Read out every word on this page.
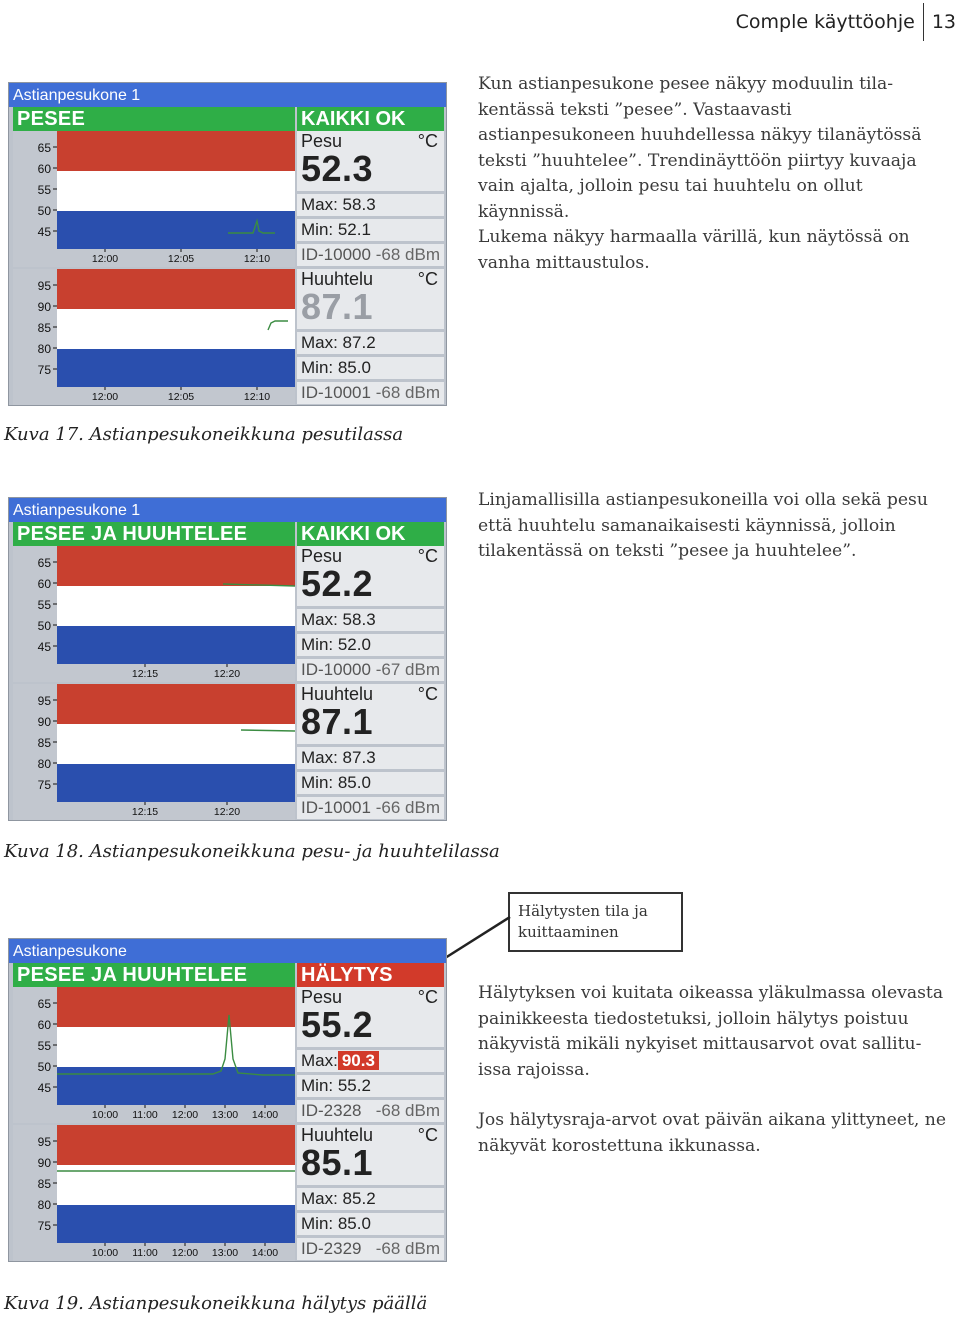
Comple käyttöohje 13

Kun astianpesukone pesee näkyy moduulin tila-kentässä teksti ”pesee”. Vastaavasti astianpesukoneen huuhdellessa näkyy tilanäytössä teksti ”huuhtelee”. Trendinäyttöön piirtyy kuvaaja vain ajalta, jolloin pesu tai huuhtelu on ollut käynnissä.

Lukema näkyy harmaalla värillä, kun näytössä on vanha mittaustulos.

Linjamallisilla astianpesukoneilla voi olla sekä pesu että huuhtelu samanaikaisesti käynnissä, jolloin tilakentässä on teksti ”pesee ja huuhtelee”.

Hälytyksen voi kuitata oikeassa yläkulmassa olevasta painikkeesta tiedostetuksi, jolloin hälytys poistuu näkyvistä mikäli nykyiset mittausarvot ovat sallitu-issa rajoissa.

Jos hälytysraja-arvot ovat päivän aikana ylittyneet, ne näkyvät korostettuna ikkunassa.

Kuva 17. Astianpesukoneikkuna pesutilassa
Kuva 18. Astianpesukoneikkuna pesu- ja huuhtelilassa
Kuva 19. Astianpesukoneikkuna hälytys päällä
Hälytysten tila ja kuittaaminen
Astianpesukone 1
PESEE	KAIKKI OK
65
60
55
50
45
12:00	12:05	12:10
95
90
85
80
75
12:00	12:05	12:10
Pesu	°C
52.3
Max: 58.3
Min: 52.1
ID-10000 -68 dBm
Huuhtelu °C
87.1
Max: 87.2
Min: 85.0
ID-10001 -68 dBm
Astianpesukone 1
PESEE JA HUUHTELEE	KAIKKI OK
65
60
55
50
45
12:15	12:20
95
90
85
80
75
12:15	12:20
Pesu	°C
52.2
Max: 58.3
Min: 52.0
ID-10000 -67 dBm
Huuhtelu °C
87.1
Max: 87.3
Min: 85.0
ID-10001 -66 dBm
Astianpesukone
PESEE JA HUUHTELEE	HÄLYTYS
65
60
55
50
45
10:00 11:00 12:00 13:00 14:00
95
90
85
80
75
10:00 11:00 12:00 13:00 14:00
Pesu	°C
55.2
Max: 90.3
Min: 55.2
ID-2328 -68 dBm
Huuhtelu °C
85.1
Max: 85.2
Min: 85.0
ID-2329 -68 dBm
